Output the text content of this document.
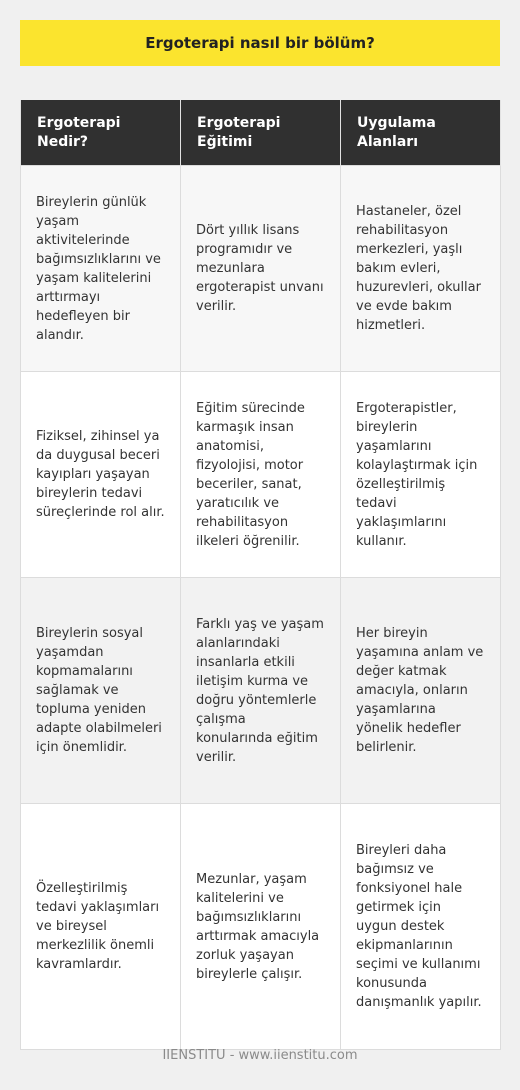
Ergoterapi nasıl bir bölüm?
Ergoterapi Nedir?	Ergoterapi Eğitimi	Uygulama Alanları
Bireylerin günlük yaşam aktivitelerinde bağımsızlıklarını ve yaşam kalitelerini arttırmayı hedefleyen bir alandır.	Dört yıllık lisans programıdır ve mezunlara ergoterapist unvanı verilir.	Hastaneler, özel rehabilitasyon merkezleri, yaşlı bakım evleri, huzurevleri, okullar ve evde bakım hizmetleri.
Fiziksel, zihinsel ya da duygusal beceri kayıpları yaşayan bireylerin tedavi süreçlerinde rol alır.	Eğitim sürecinde karmaşık insan anatomisi, fizyolojisi, motor beceriler, sanat, yaratıcılık ve rehabilitasyon ilkeleri öğrenilir.	Ergoterapistler, bireylerin yaşamlarını kolaylaştırmak için özelleştirilmiş tedavi yaklaşımlarını kullanır.
Bireylerin sosyal yaşamdan kopmamalarını sağlamak ve topluma yeniden adapte olabilmeleri için önemlidir.	Farklı yaş ve yaşam alanlarındaki insanlarla etkili iletişim kurma ve doğru yöntemlerle çalışma konularında eğitim verilir.	Her bireyin yaşamına anlam ve değer katmak amacıyla, onların yaşamlarına yönelik hedefler belirlenir.
Özelleştirilmiş tedavi yaklaşımları ve bireysel merkezlilik önemli kavramlardır.	Mezunlar, yaşam kalitelerini ve bağımsızlıklarını arttırmak amacıyla zorluk yaşayan bireylerle çalışır.	Bireyleri daha bağımsız ve fonksiyonel hale getirmek için uygun destek ekipmanlarının seçimi ve kullanımı konusunda danışmanlık yapılır.
IIENSTITU - www.iienstitu.com
